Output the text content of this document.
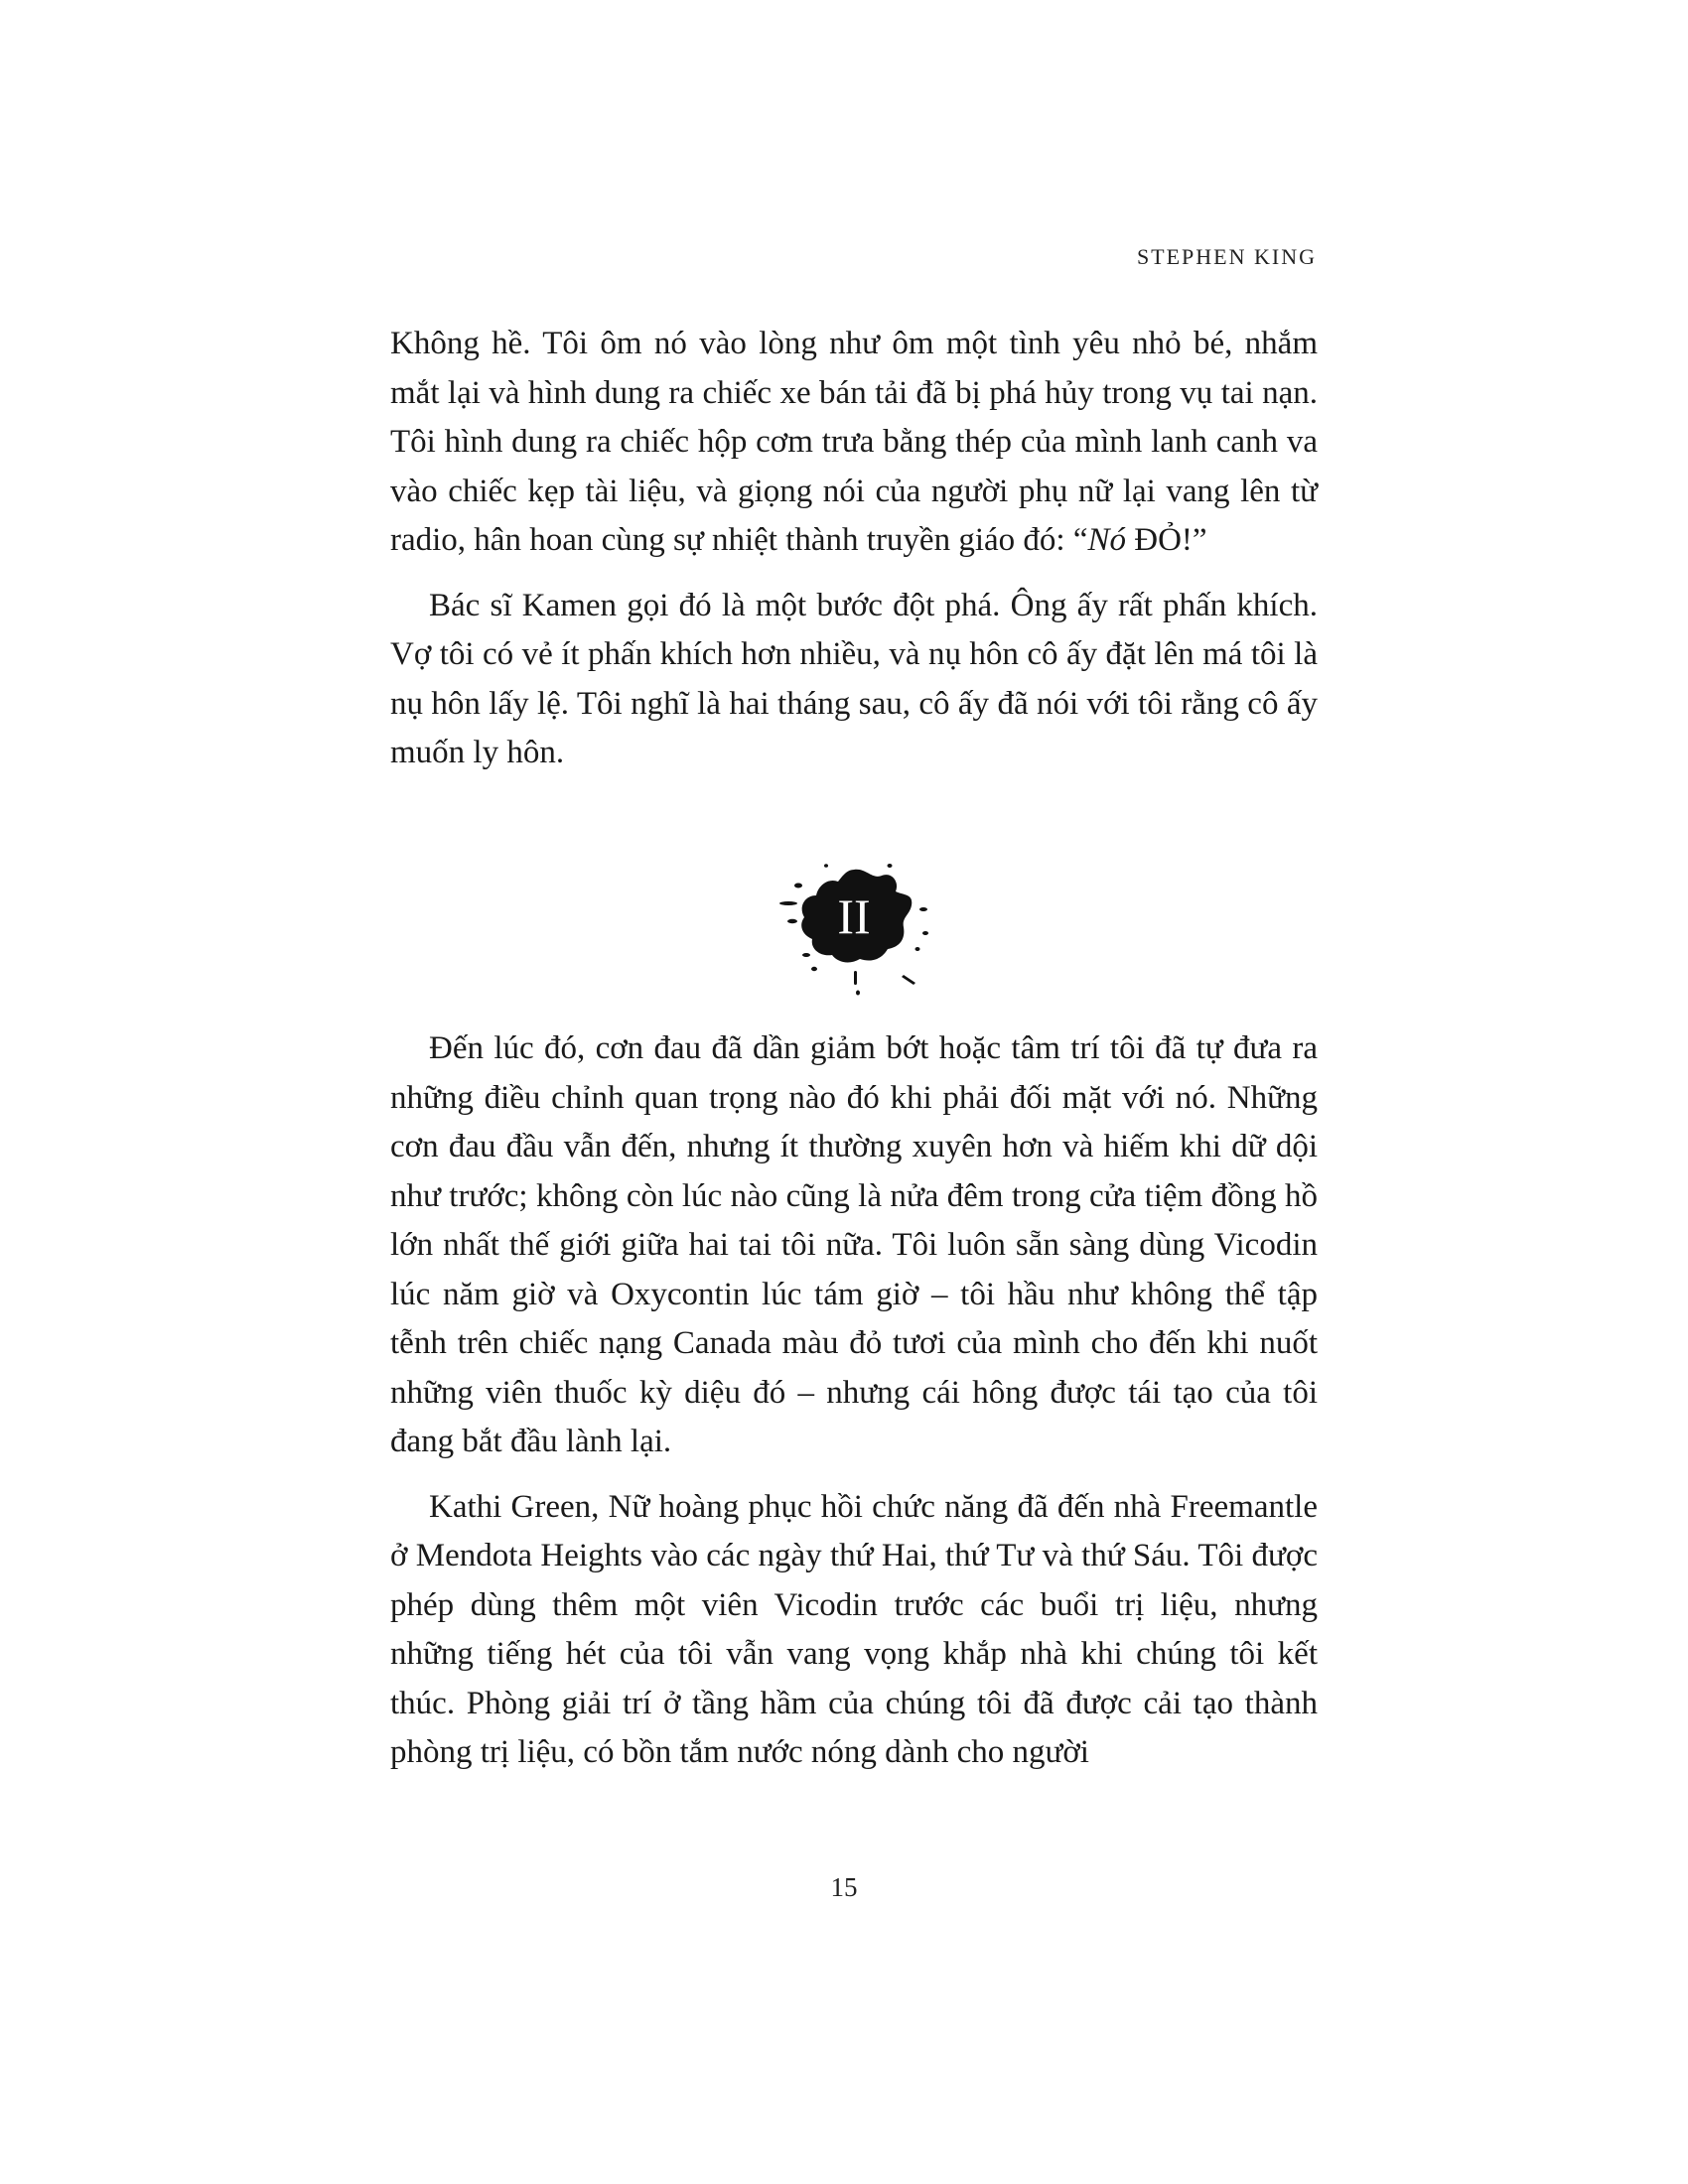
STEPHEN KING

Không hề. Tôi ôm nó vào lòng như ôm một tình yêu nhỏ bé, nhắm mắt lại và hình dung ra chiếc xe bán tải đã bị phá hủy trong vụ tai nạn. Tôi hình dung ra chiếc hộp cơm trưa bằng thép của mình lanh canh va vào chiếc kẹp tài liệu, và giọng nói của người phụ nữ lại vang lên từ radio, hân hoan cùng sự nhiệt thành truyền giáo đó: “Nó ĐỎ!”

Bác sĩ Kamen gọi đó là một bước đột phá. Ông ấy rất phấn khích. Vợ tôi có vẻ ít phấn khích hơn nhiều, và nụ hôn cô ấy đặt lên má tôi là nụ hôn lấy lệ. Tôi nghĩ là hai tháng sau, cô ấy đã nói với tôi rằng cô ấy muốn ly hôn.

II

Đến lúc đó, cơn đau đã dần giảm bớt hoặc tâm trí tôi đã tự đưa ra những điều chỉnh quan trọng nào đó khi phải đối mặt với nó. Những cơn đau đầu vẫn đến, nhưng ít thường xuyên hơn và hiếm khi dữ dội như trước; không còn lúc nào cũng là nửa đêm trong cửa tiệm đồng hồ lớn nhất thế giới giữa hai tai tôi nữa. Tôi luôn sẵn sàng dùng Vicodin lúc năm giờ và Oxycontin lúc tám giờ – tôi hầu như không thể tập tễnh trên chiếc nạng Canada màu đỏ tươi của mình cho đến khi nuốt những viên thuốc kỳ diệu đó – nhưng cái hông được tái tạo của tôi đang bắt đầu lành lại.

Kathi Green, Nữ hoàng phục hồi chức năng đã đến nhà Freemantle ở Mendota Heights vào các ngày thứ Hai, thứ Tư và thứ Sáu. Tôi được phép dùng thêm một viên Vicodin trước các buổi trị liệu, nhưng những tiếng hét của tôi vẫn vang vọng khắp nhà khi chúng tôi kết thúc. Phòng giải trí ở tầng hầm của chúng tôi đã được cải tạo thành phòng trị liệu, có bồn tắm nước nóng dành cho người

15
